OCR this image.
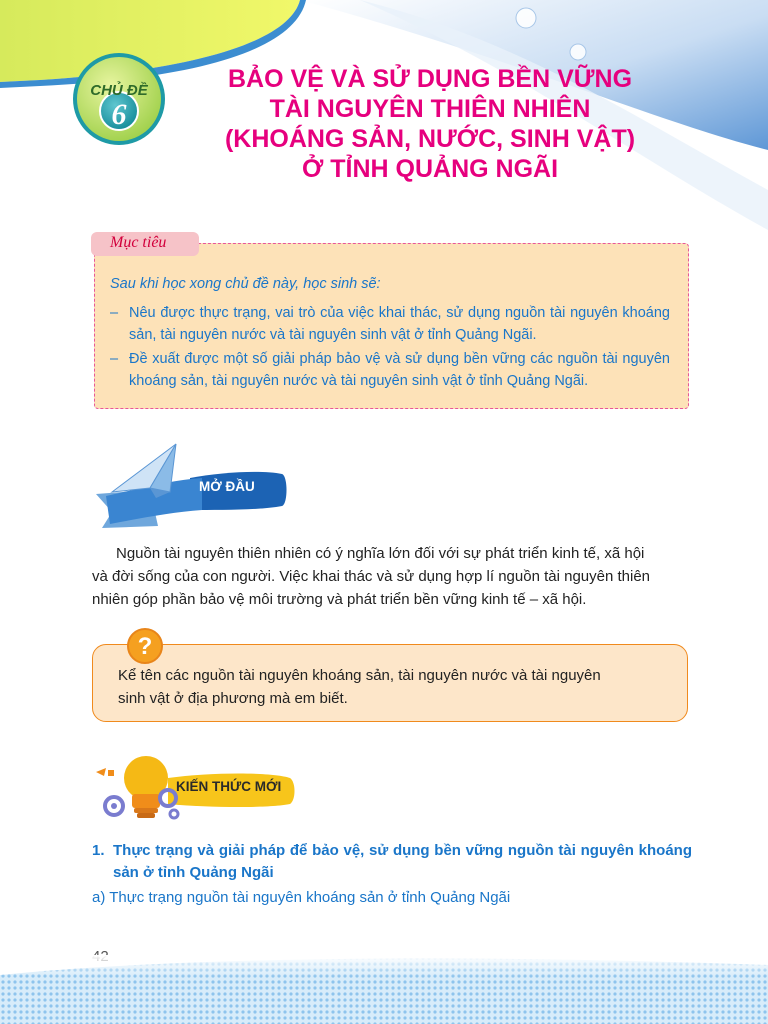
CHỦ ĐỀ
6
BẢO VỆ VÀ SỬ DỤNG BỀN VỮNG
TÀI NGUYÊN THIÊN NHIÊN
(KHOÁNG SẢN, NƯỚC, SINH VẬT)
Ở TỈNH QUẢNG NGÃI
Mục tiêu
Sau khi học xong chủ đề này, học sinh sẽ:
– Nêu được thực trạng, vai trò của việc khai thác, sử dụng nguồn tài nguyên khoáng sản, tài nguyên nước và tài nguyên sinh vật ở tỉnh Quảng Ngãi.
– Đề xuất được một số giải pháp bảo vệ và sử dụng bền vững các nguồn tài nguyên khoáng sản, tài nguyên nước và tài nguyên sinh vật ở tỉnh Quảng Ngãi.
MỞ ĐẦU
Nguồn tài nguyên thiên nhiên có ý nghĩa lớn đối với sự phát triển kinh tế, xã hội
và đời sống của con người. Việc khai thác và sử dụng hợp lí nguồn tài nguyên thiên
nhiên góp phần bảo vệ môi trường và phát triển bền vững kinh tế – xã hội.
?
Kể tên các nguồn tài nguyên khoáng sản, tài nguyên nước và tài nguyên
sinh vật ở địa phương mà em biết.
KIẾN THỨC MỚI
1. Thực trạng và giải pháp để bảo vệ, sử dụng bền vững nguồn tài nguyên khoáng sản ở tỉnh Quảng Ngãi
a) Thực trạng nguồn tài nguyên khoáng sản ở tỉnh Quảng Ngãi
